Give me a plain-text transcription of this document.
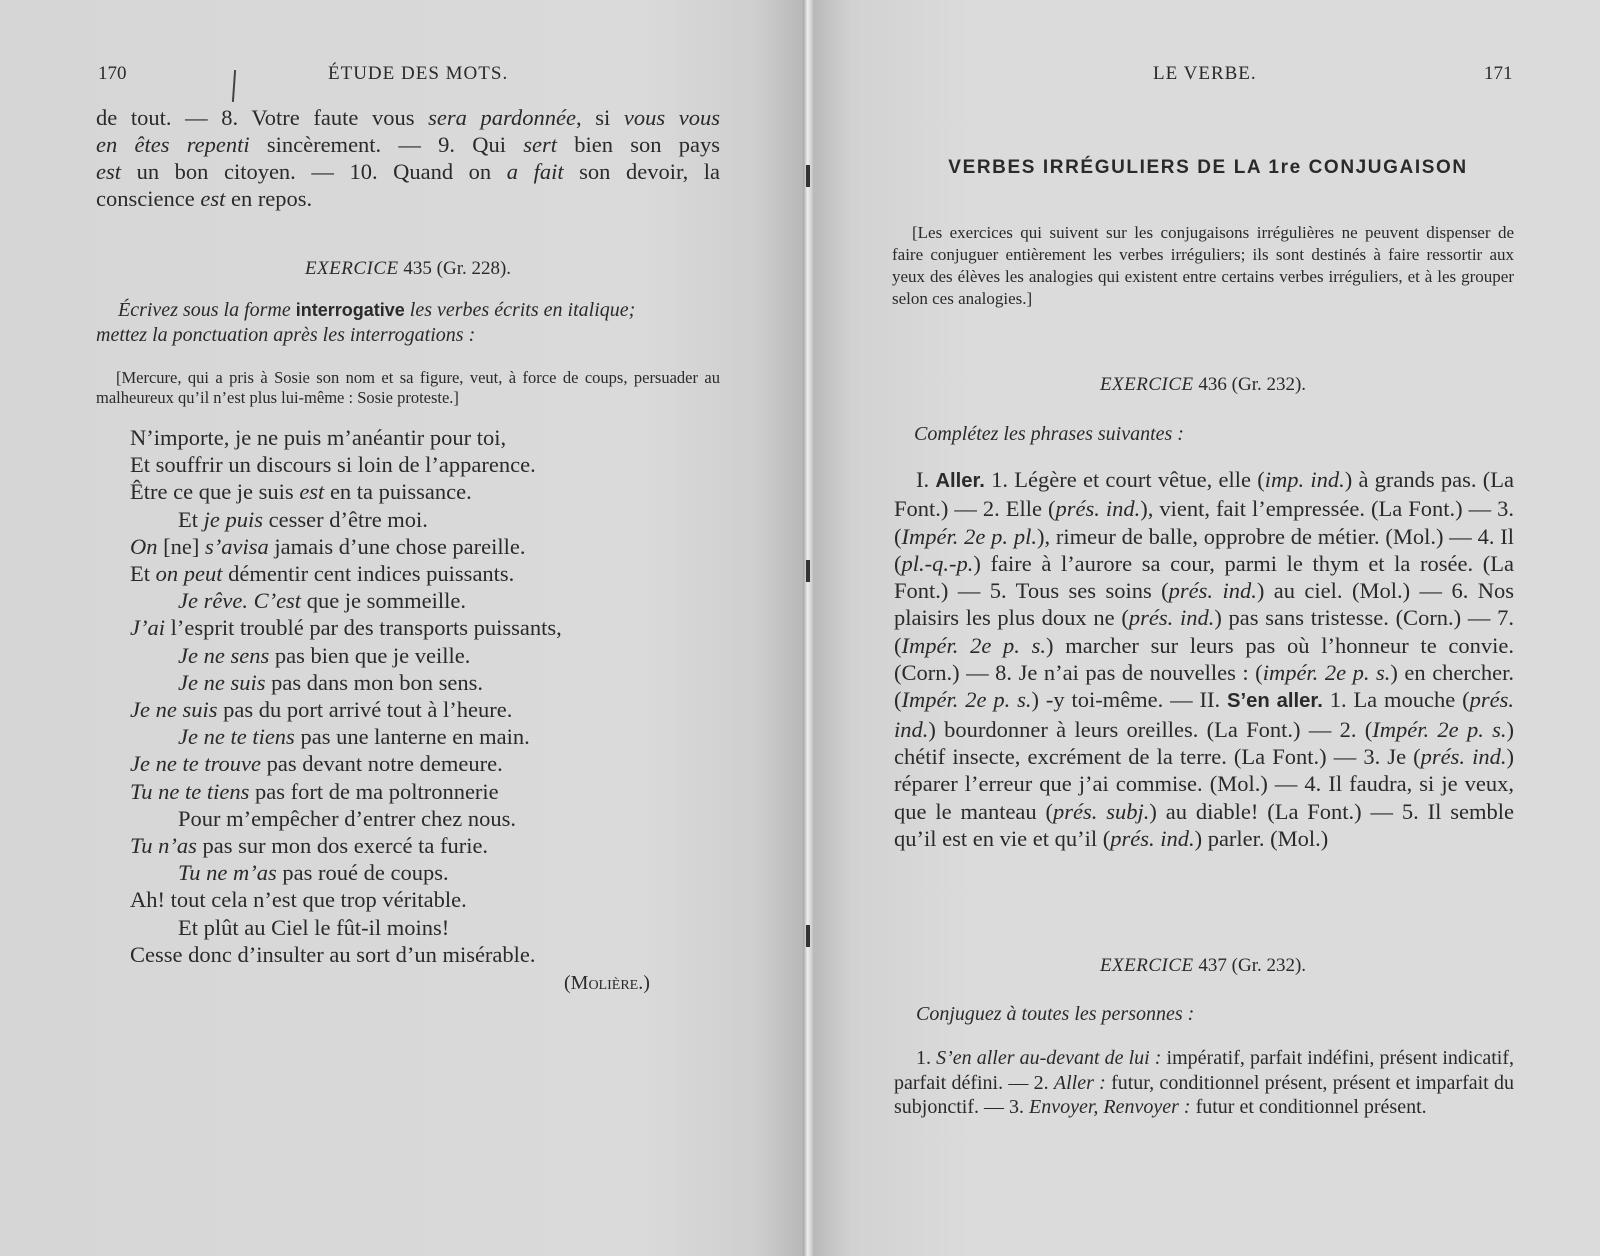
170	ÉTUDE DES MOTS.
de tout. — 8. Votre faute vous sera pardonnée, si vous vous
en êtes repenti sincèrement. — 9. Qui sert bien son pays
est un bon citoyen. — 10. Quand on a fait son devoir, la
conscience est en repos.
EXERCICE 435 (Gr. 228).
Écrivez sous la forme interrogative les verbes écrits en italique;
mettez la ponctuation après les interrogations :
[Mercure, qui a pris à Sosie son nom et sa figure, veut, à force de coups, persuader au malheureux qu’il n’est plus lui-même : Sosie proteste.]
N’importe, je ne puis m’anéantir pour toi,
Et souffrir un discours si loin de l’apparence.
Être ce que je suis est en ta puissance.
Et je puis cesser d’être moi.
On [ne] s’avisa jamais d’une chose pareille.
Et on peut démentir cent indices puissants.
Je rêve. C’est que je sommeille.
J’ai l’esprit troublé par des transports puissants,
Je ne sens pas bien que je veille.
Je ne suis pas dans mon bon sens.
Je ne suis pas du port arrivé tout à l’heure.
Je ne te tiens pas une lanterne en main.
Je ne te trouve pas devant notre demeure.
Tu ne te tiens pas fort de ma poltronnerie
Pour m’empêcher d’entrer chez nous.
Tu n’as pas sur mon dos exercé ta furie.
Tu ne m’as pas roué de coups.
Ah! tout cela n’est que trop véritable.
Et plût au Ciel le fût-il moins!
Cesse donc d’insulter au sort d’un misérable.
(Molière.)
LE VERBE.	171
VERBES IRRÉGULIERS DE LA 1re CONJUGAISON
[Les exercices qui suivent sur les conjugaisons irrégulières ne peuvent dispenser de faire conjuguer entièrement les verbes irréguliers; ils sont destinés à faire ressortir aux yeux des élèves les analogies qui existent entre certains verbes irréguliers, et à les grouper selon ces analogies.]
EXERCICE 436 (Gr. 232).
Complétez les phrases suivantes :
I. Aller. 1. Légère et court vêtue, elle (imp. ind.) à grands pas. (La Font.) — 2. Elle (prés. ind.), vient, fait l’empressée. (La Font.) — 3. (Impér. 2e p. pl.), rimeur de balle, opprobre de métier. (Mol.) — 4. Il (pl.-q.-p.) faire à l’aurore sa cour, parmi le thym et la rosée. (La Font.) — 5. Tous ses soins (prés. ind.) au ciel. (Mol.) — 6. Nos plaisirs les plus doux ne (prés. ind.) pas sans tristesse. (Corn.) — 7. (Impér. 2e p. s.) marcher sur leurs pas où l’honneur te convie. (Corn.) — 8. Je n’ai pas de nouvelles : (impér. 2e p. s.) en chercher. (Impér. 2e p. s.) -y toi-même. — II. S’en aller. 1. La mouche (prés. ind.) bourdonner à leurs oreilles. (La Font.) — 2. (Impér. 2e p. s.) chétif insecte, excrément de la terre. (La Font.) — 3. Je (prés. ind.) réparer l’erreur que j’ai commise. (Mol.) — 4. Il faudra, si je veux, que le manteau (prés. subj.) au diable! (La Font.) — 5. Il semble qu’il est en vie et qu’il (prés. ind.) parler. (Mol.)
EXERCICE 437 (Gr. 232).
Conjuguez à toutes les personnes :
1. S’en aller au-devant de lui : impératif, parfait indéfini, présent indicatif, parfait défini. — 2. Aller : futur, conditionnel présent, présent et imparfait du subjonctif. — 3. Envoyer, Renvoyer : futur et conditionnel présent.
